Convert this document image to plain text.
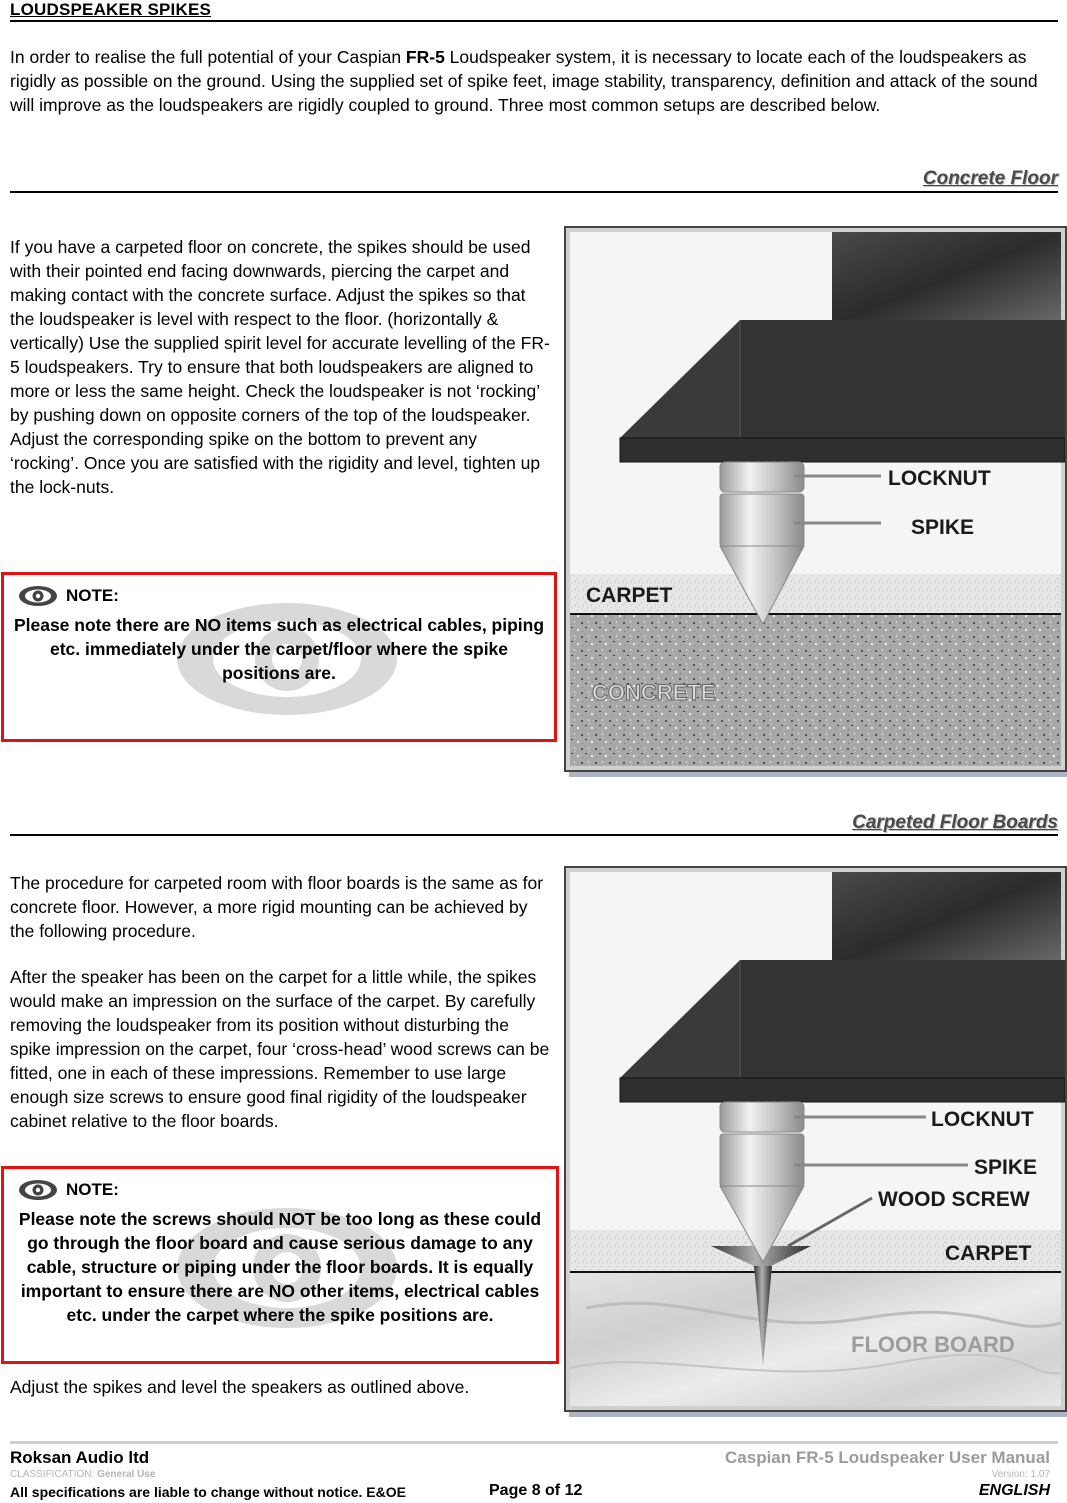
LOUDSPEAKER SPIKES

In order to realise the full potential of your Caspian FR-5 Loudspeaker system, it is necessary to locate each of the loudspeakers as rigidly as possible on the ground. Using the supplied set of spike feet, image stability, transparency, definition and attack of the sound will improve as the loudspeakers are rigidly coupled to ground. Three most common setups are described below.

Concrete Floor

If you have a carpeted floor on concrete, the spikes should be used with their pointed end facing downwards, piercing the carpet and making contact with the concrete surface. Adjust the spikes so that the loudspeaker is level with respect to the floor. (horizontally & vertically) Use the supplied spirit level for accurate levelling of the FR-5 loudspeakers. Try to ensure that both loudspeakers are aligned to more or less the same height. Check the loudspeaker is not ‘rocking’ by pushing down on opposite corners of the top of the loudspeaker. Adjust the corresponding spike on the bottom to prevent any ‘rocking’. Once you are satisfied with the rigidity and level, tighten up the lock-nuts.

NOTE:
Please note there are NO items such as electrical cables, piping etc. immediately under the carpet/floor where the spike positions are.
LOCKNUT
SPIKE
CARPET
CONCRETE
Carpeted Floor Boards

The procedure for carpeted room with floor boards is the same as for concrete floor. However, a more rigid mounting can be achieved by the following procedure.

After the speaker has been on the carpet for a little while, the spikes would make an impression on the surface of the carpet. By carefully removing the loudspeaker from its position without disturbing the spike impression on the carpet, four ‘cross-head’ wood screws can be fitted, one in each of these impressions. Remember to use large enough size screws to ensure good final rigidity of the loudspeaker cabinet relative to the floor boards.

NOTE:
Please note the screws should NOT be too long as these could go through the floor board and cause serious damage to any cable, structure or piping under the floor boards. It is equally important to ensure there are NO other items, electrical cables etc. under the carpet where the spike positions are.

Adjust the spikes and level the speakers as outlined above.

LOCKNUT
SPIKE
WOOD SCREW
CARPET
FLOOR BOARD
Roksan Audio ltd	Caspian FR-5 Loudspeaker User Manual
CLASSIFICATION: General Use	Version: 1.07
All specifications are liable to change without notice. E&OE	Page 8 of 12	ENGLISH
